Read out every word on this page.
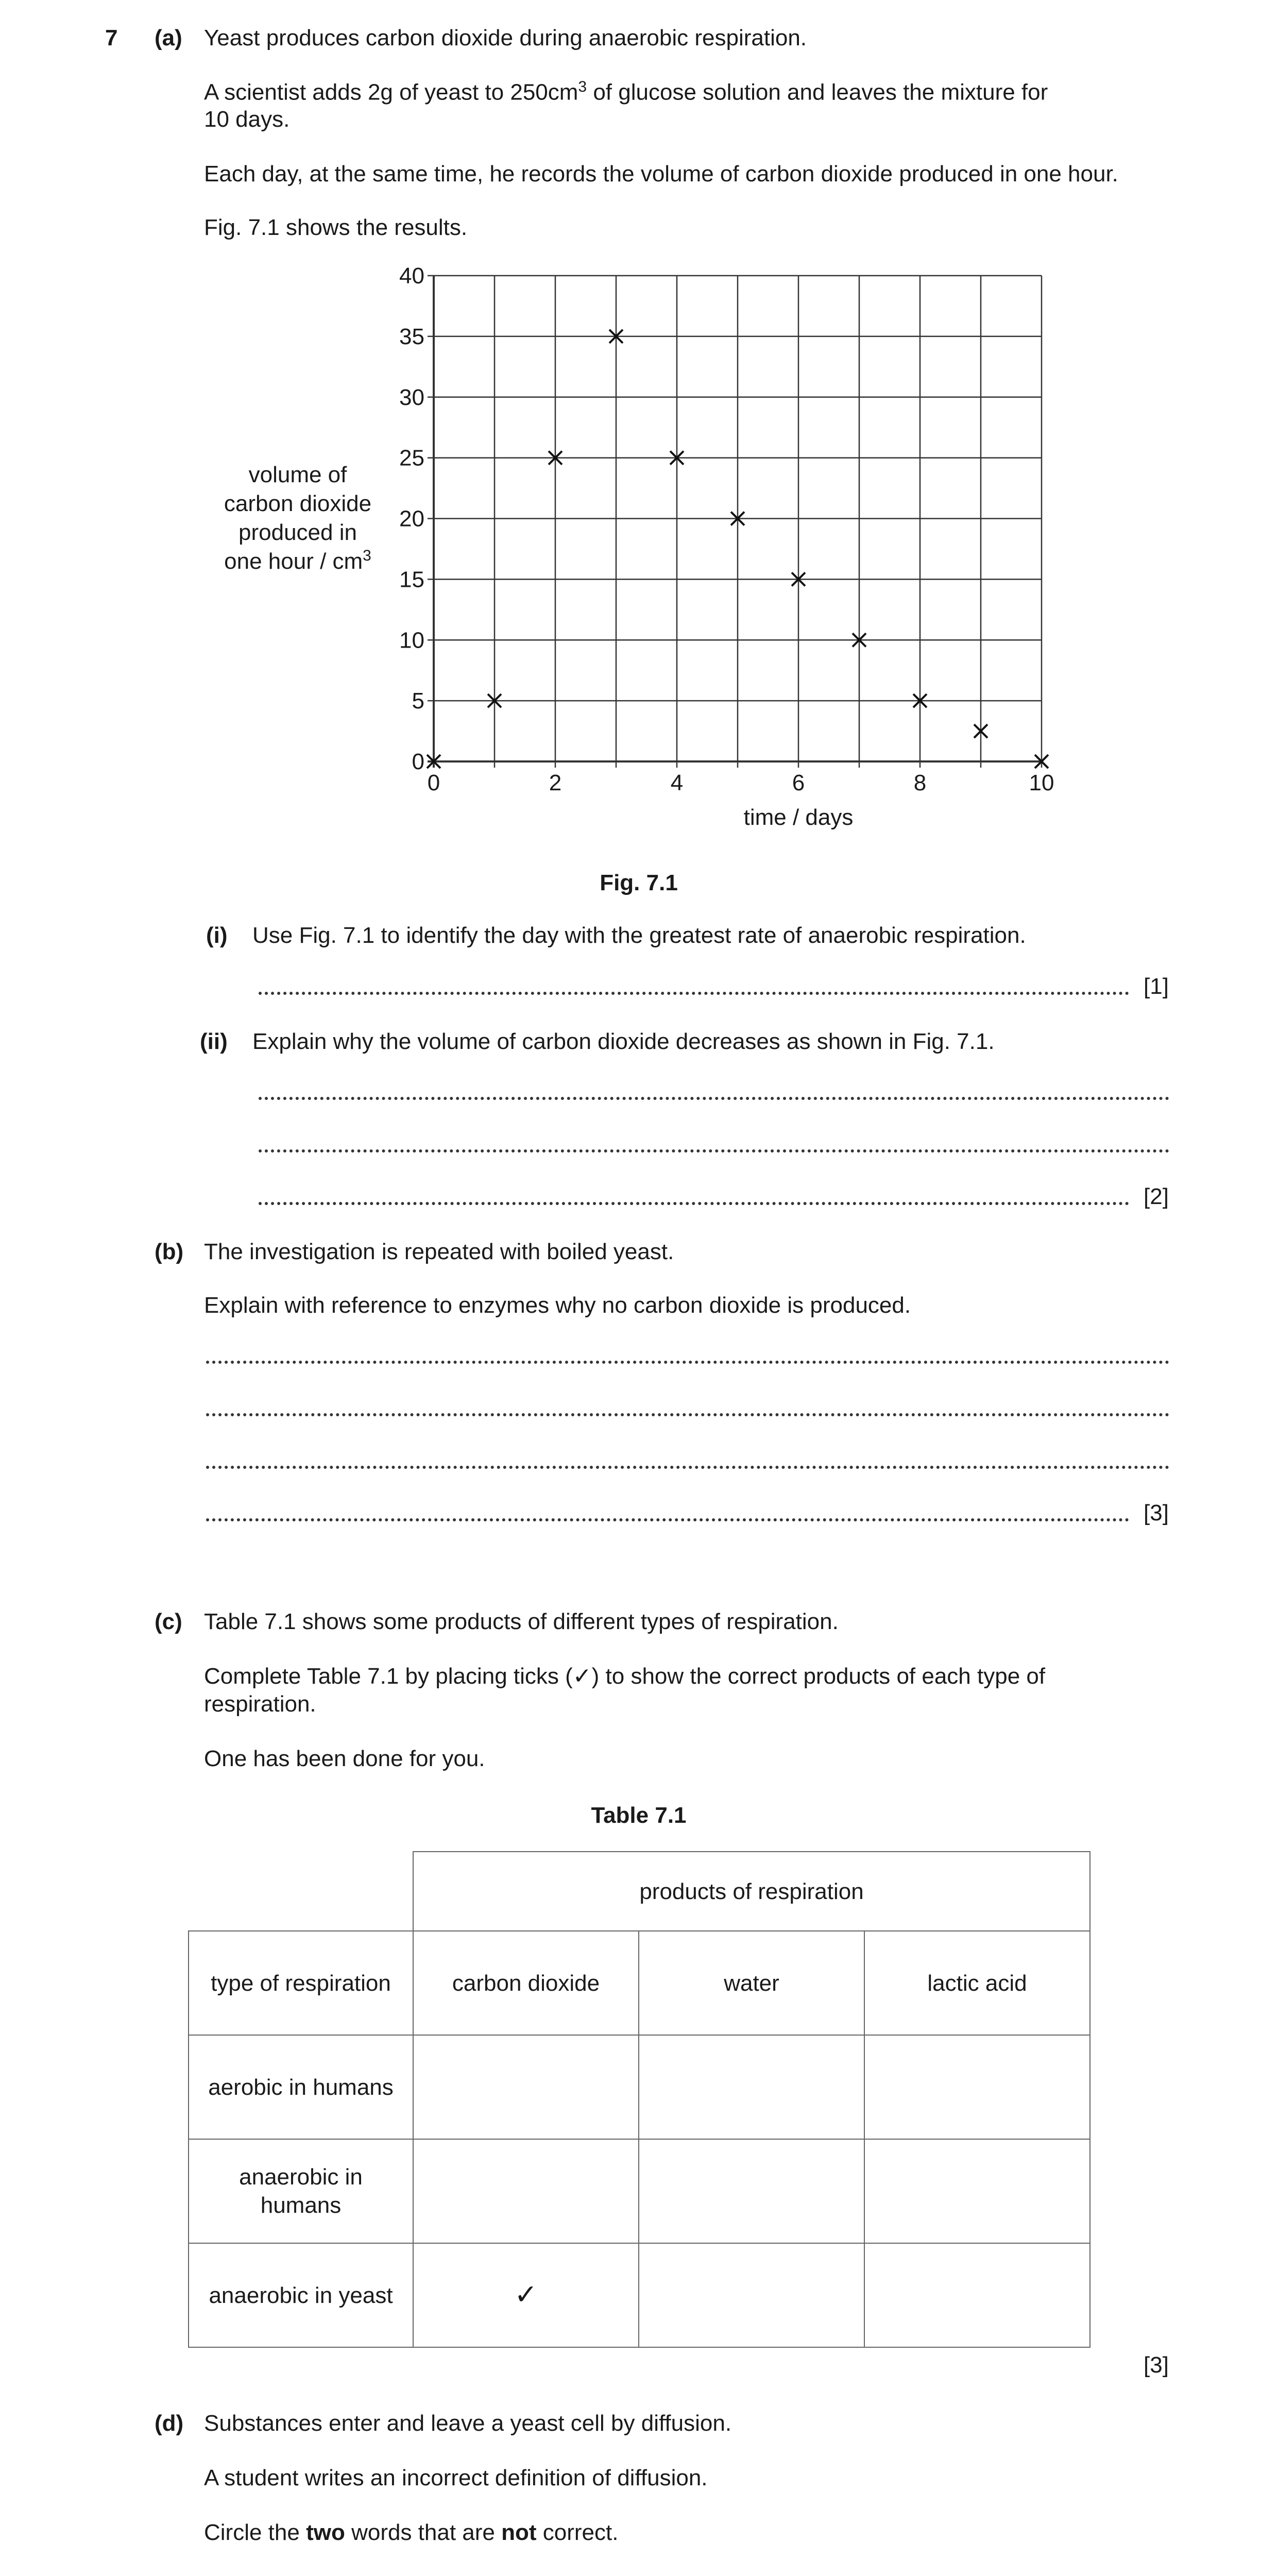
7 (a) Yeast produces carbon dioxide during anaerobic respiration.
A scientist adds 2g of yeast to $250cm^3$ of glucose solution and leaves the mixture for
10 days.
Each day, at the same time, he records the volume of carbon dioxide produced in one hour.
Fig. 7.1 shows the results.
0	2	4	6	8	10
0
5
10
15
20
25
30
35
40
time / days
volume of
carbon dioxide
produced in
one hour / $cm^3$
Fig. 7.1
(i) Use Fig. 7.1 to identify the day with the greatest rate of anaerobic respiration.
[1]
(ii) Explain why the volume of carbon dioxide decreases as shown in Fig. 7.1.
[2]
(b) The investigation is repeated with boiled yeast.
Explain with reference to enzymes why no carbon dioxide is produced.
[3]
(c) Table 7.1 shows some products of different types of respiration.
Complete Table 7.1 by placing ticks (✓) to show the correct products of each type of
respiration.
One has been done for you.
Table 7.1
	products of respiration		
type of respiration	carbon dioxide	water	lactic acid
aerobic in humans			
anaerobic in humans			
anaerobic in yeast	✓		
[3]
(d) Substances enter and leave a yeast cell by diffusion.
A student writes an incorrect definition of diffusion.
Circle the two words that are not correct.
